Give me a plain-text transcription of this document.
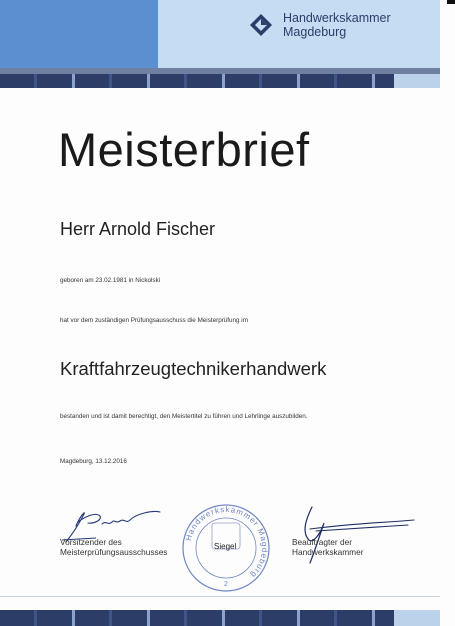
Handwerkskammer
Magdeburg
Meisterbrief
Herr Arnold Fischer
geboren am 23.02.1981 in Nickolski
hat vor dem zuständigen Prüfungsausschuss die Meisterprüfung im
Kraftfahrzeugtechnikerhandwerk
bestanden und ist damit berechtigt, den Meistertitel zu führen und Lehrlinge auszubilden.
Magdeburg, 13.12.2016
Vorsitzender des
Meisterprüfungsausschusses
Handwerkskammer Magdeburg
2
Siegel	Beauftragter der
Handwerkskammer
